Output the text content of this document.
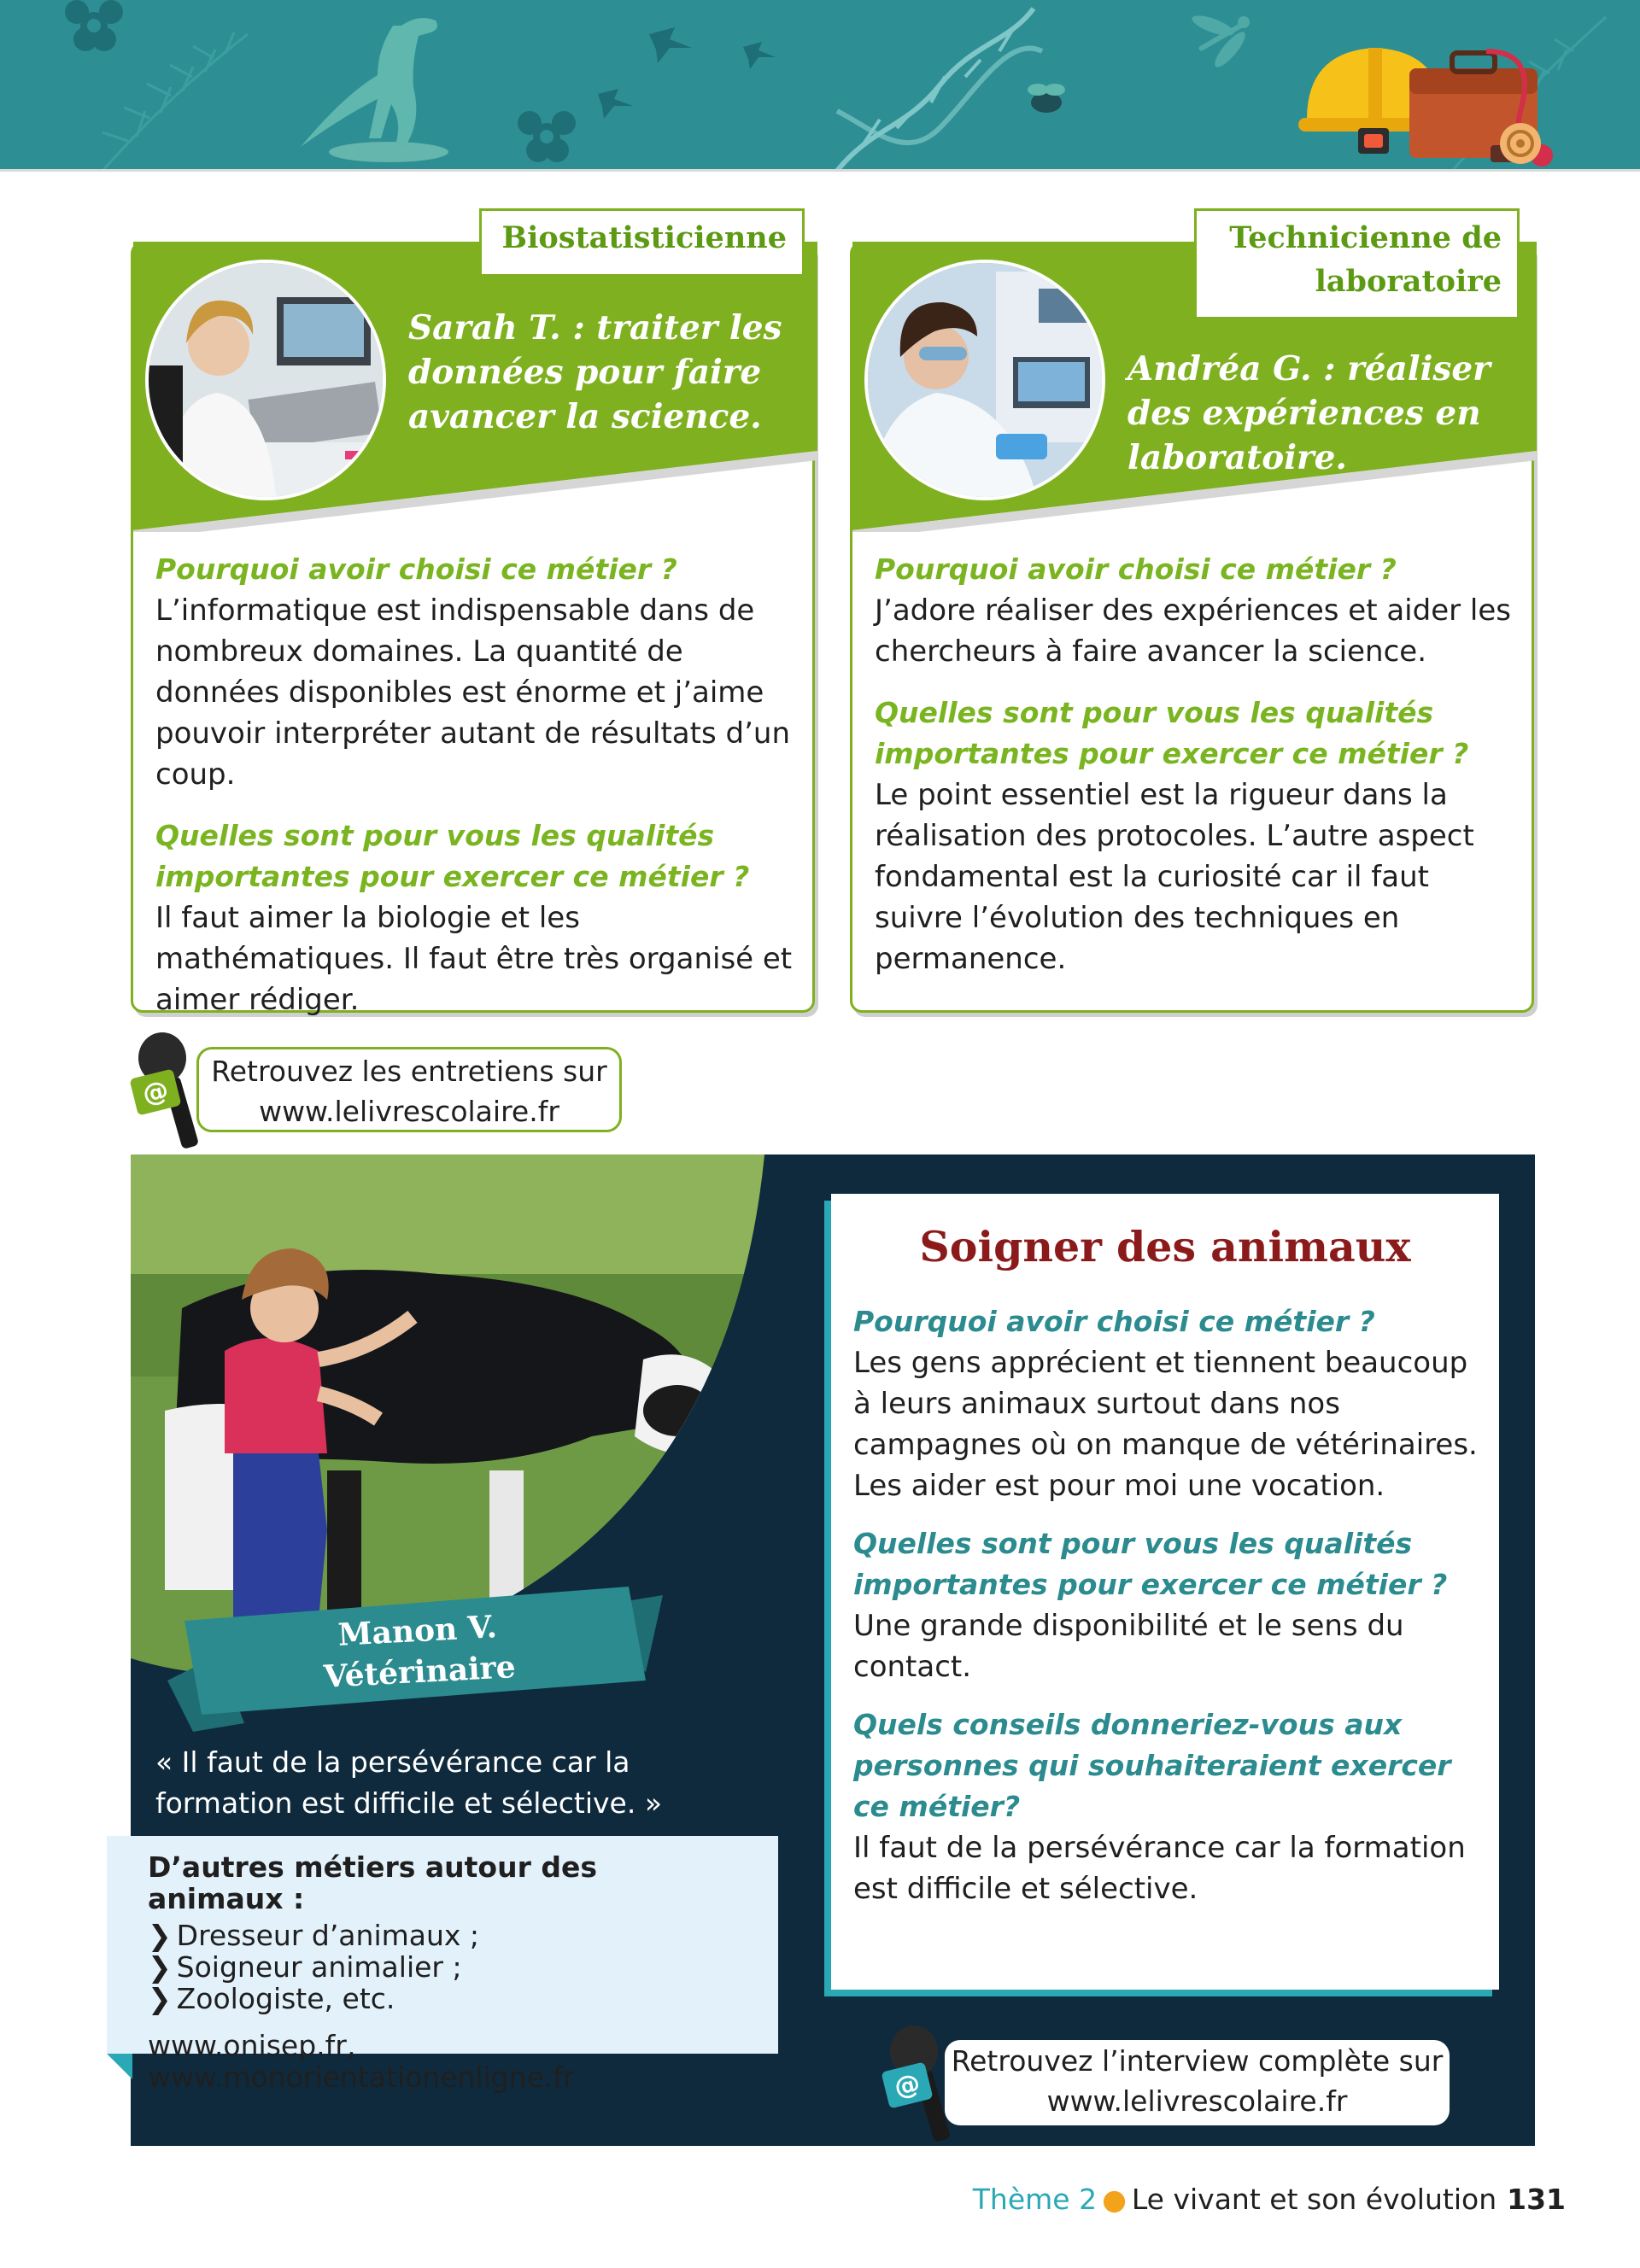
Biostatisticienne
Sarah T. : traiter les données pour faire avancer la science.
Pourquoi avoir choisi ce métier ?
L’informatique est indispensable dans de nombreux domaines. La quantité de données disponibles est énorme et j’aime pouvoir interpréter autant de résultats d’un coup.
Quelles sont pour vous les qualités importantes pour exercer ce métier ?
Il faut aimer la biologie et les mathématiques. Il faut être très organisé et aimer rédiger.
Technicienne de laboratoire
Andréa G. : réaliser des expériences en laboratoire.
Pourquoi avoir choisi ce métier ?
J’adore réaliser des expériences et aider les chercheurs à faire avancer la science.
Quelles sont pour vous les qualités importantes pour exercer ce métier ?
Le point essentiel est la rigueur dans la réalisation des protocoles. L’autre aspect fondamental est la curiosité car il faut suivre l’évolution des techniques en permanence.
@
Retrouvez les entretiens sur
www.lelivrescolaire.fr
Manon V.
Vétérinaire
« Il faut de la persévérance car la formation est difficile et sélective. »
D’autres métiers autour des animaux :
❯ Dresseur d’animaux ;
❯ Soigneur animalier ;
❯ Zoologiste, etc.
www.onisep.fr, www.monorientationenligne.fr
Soigner des animaux
Pourquoi avoir choisi ce métier ?
Les gens apprécient et tiennent beaucoup à leurs animaux surtout dans nos campagnes où on manque de vétérinaires. Les aider est pour moi une vocation.
Quelles sont pour vous les qualités importantes pour exercer ce métier ?
Une grande disponibilité et le sens du contact.
Quels conseils donneriez-vous aux personnes qui souhaiteraient exercer ce métier?
Il faut de la persévérance car la formation est difficile et sélective.
@
Retrouvez l’interview complète sur
www.lelivrescolaire.fr
Thème 2 ● Le vivant et son évolution 131
